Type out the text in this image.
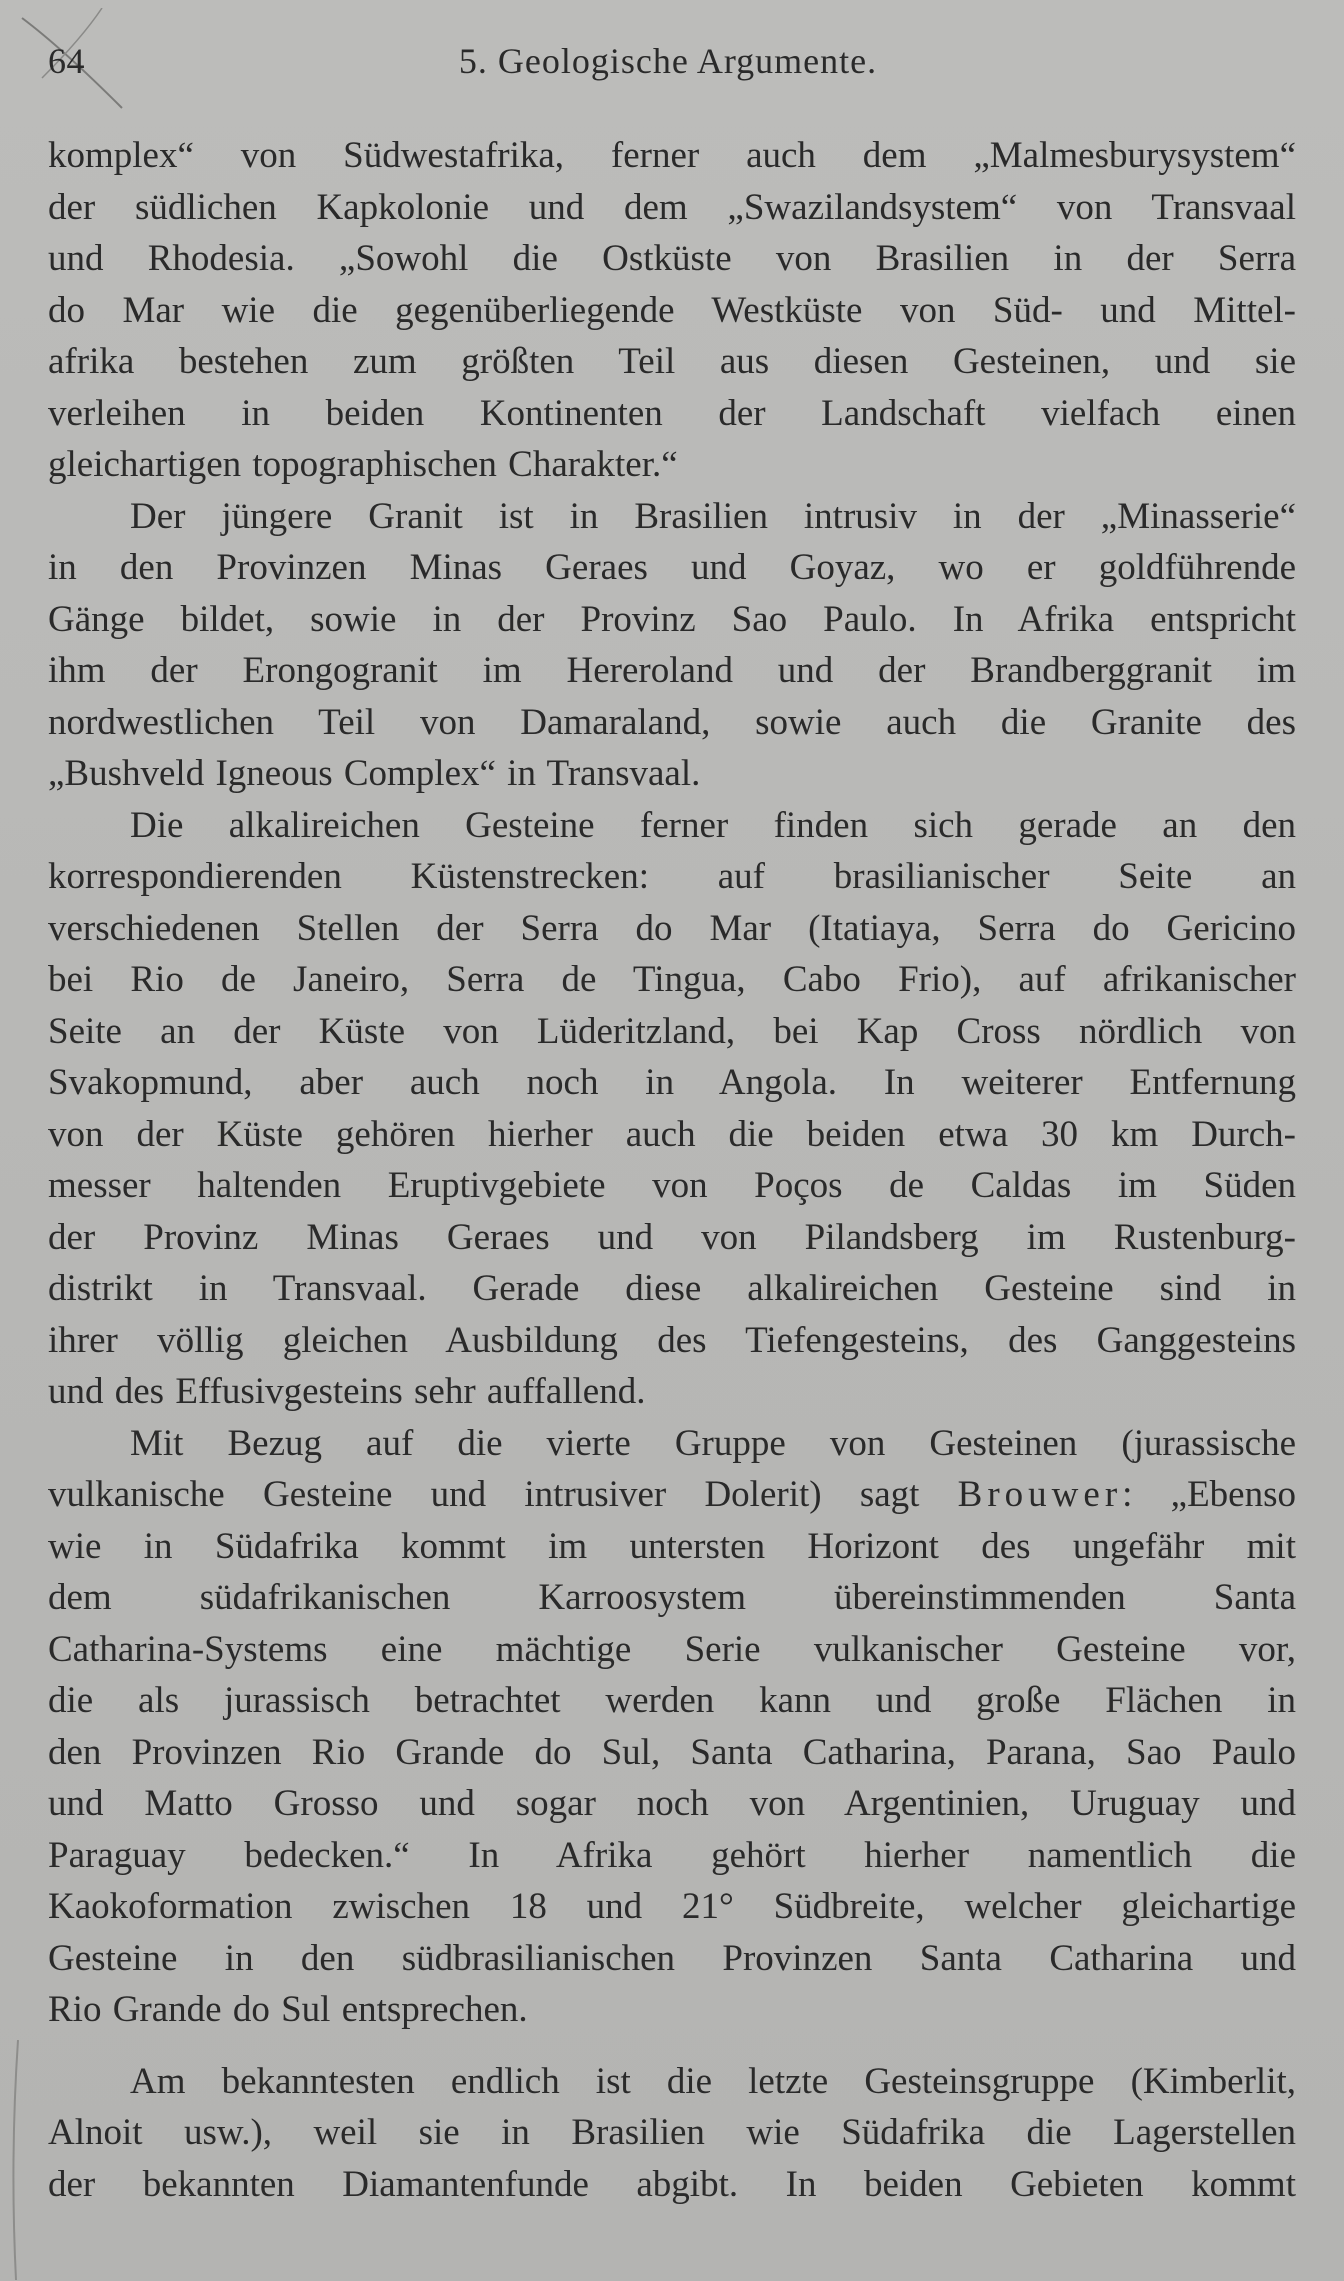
64	5. Geologische Argumente.
komplex“ von Südwestafrika, ferner auch dem „Malmesburysystem“
der südlichen Kapkolonie und dem „Swazilandsystem“ von Transvaal
und Rhodesia. „Sowohl die Ostküste von Brasilien in der Serra
do Mar wie die gegenüberliegende Westküste von Süd- und Mittel-
afrika bestehen zum größten Teil aus diesen Gesteinen, und sie
verleihen in beiden Kontinenten der Landschaft vielfach einen
gleichartigen topographischen Charakter.“
Der jüngere Granit ist in Brasilien intrusiv in der „Minasserie“
in den Provinzen Minas Geraes und Goyaz, wo er goldführende
Gänge bildet, sowie in der Provinz Sao Paulo. In Afrika entspricht
ihm der Erongogranit im Hereroland und der Brandberggranit im
nordwestlichen Teil von Damaraland, sowie auch die Granite des
„Bushveld Igneous Complex“ in Transvaal.
Die alkalireichen Gesteine ferner finden sich gerade an den
korrespondierenden Küstenstrecken: auf brasilianischer Seite an
verschiedenen Stellen der Serra do Mar (Itatiaya, Serra do Gericino
bei Rio de Janeiro, Serra de Tingua, Cabo Frio), auf afrikanischer
Seite an der Küste von Lüderitzland, bei Kap Cross nördlich von
Svakopmund, aber auch noch in Angola. In weiterer Entfernung
von der Küste gehören hierher auch die beiden etwa 30 km Durch-
messer haltenden Eruptivgebiete von Poços de Caldas im Süden
der Provinz Minas Geraes und von Pilandsberg im Rustenburg-
distrikt in Transvaal. Gerade diese alkalireichen Gesteine sind in
ihrer völlig gleichen Ausbildung des Tiefengesteins, des Ganggesteins
und des Effusivgesteins sehr auffallend.
Mit Bezug auf die vierte Gruppe von Gesteinen (jurassische
vulkanische Gesteine und intrusiver Dolerit) sagt Brouwer: „Ebenso
wie in Südafrika kommt im untersten Horizont des ungefähr mit
dem südafrikanischen Karroosystem übereinstimmenden Santa
Catharina-Systems eine mächtige Serie vulkanischer Gesteine vor,
die als jurassisch betrachtet werden kann und große Flächen in
den Provinzen Rio Grande do Sul, Santa Catharina, Parana, Sao Paulo
und Matto Grosso und sogar noch von Argentinien, Uruguay und
Paraguay bedecken.“ In Afrika gehört hierher namentlich die
Kaokoformation zwischen 18 und 21° Südbreite, welcher gleichartige
Gesteine in den südbrasilianischen Provinzen Santa Catharina und
Rio Grande do Sul entsprechen.
Am bekanntesten endlich ist die letzte Gesteinsgruppe (Kimberlit,
Alnoit usw.), weil sie in Brasilien wie Südafrika die Lagerstellen
der bekannten Diamantenfunde abgibt. In beiden Gebieten kommt
